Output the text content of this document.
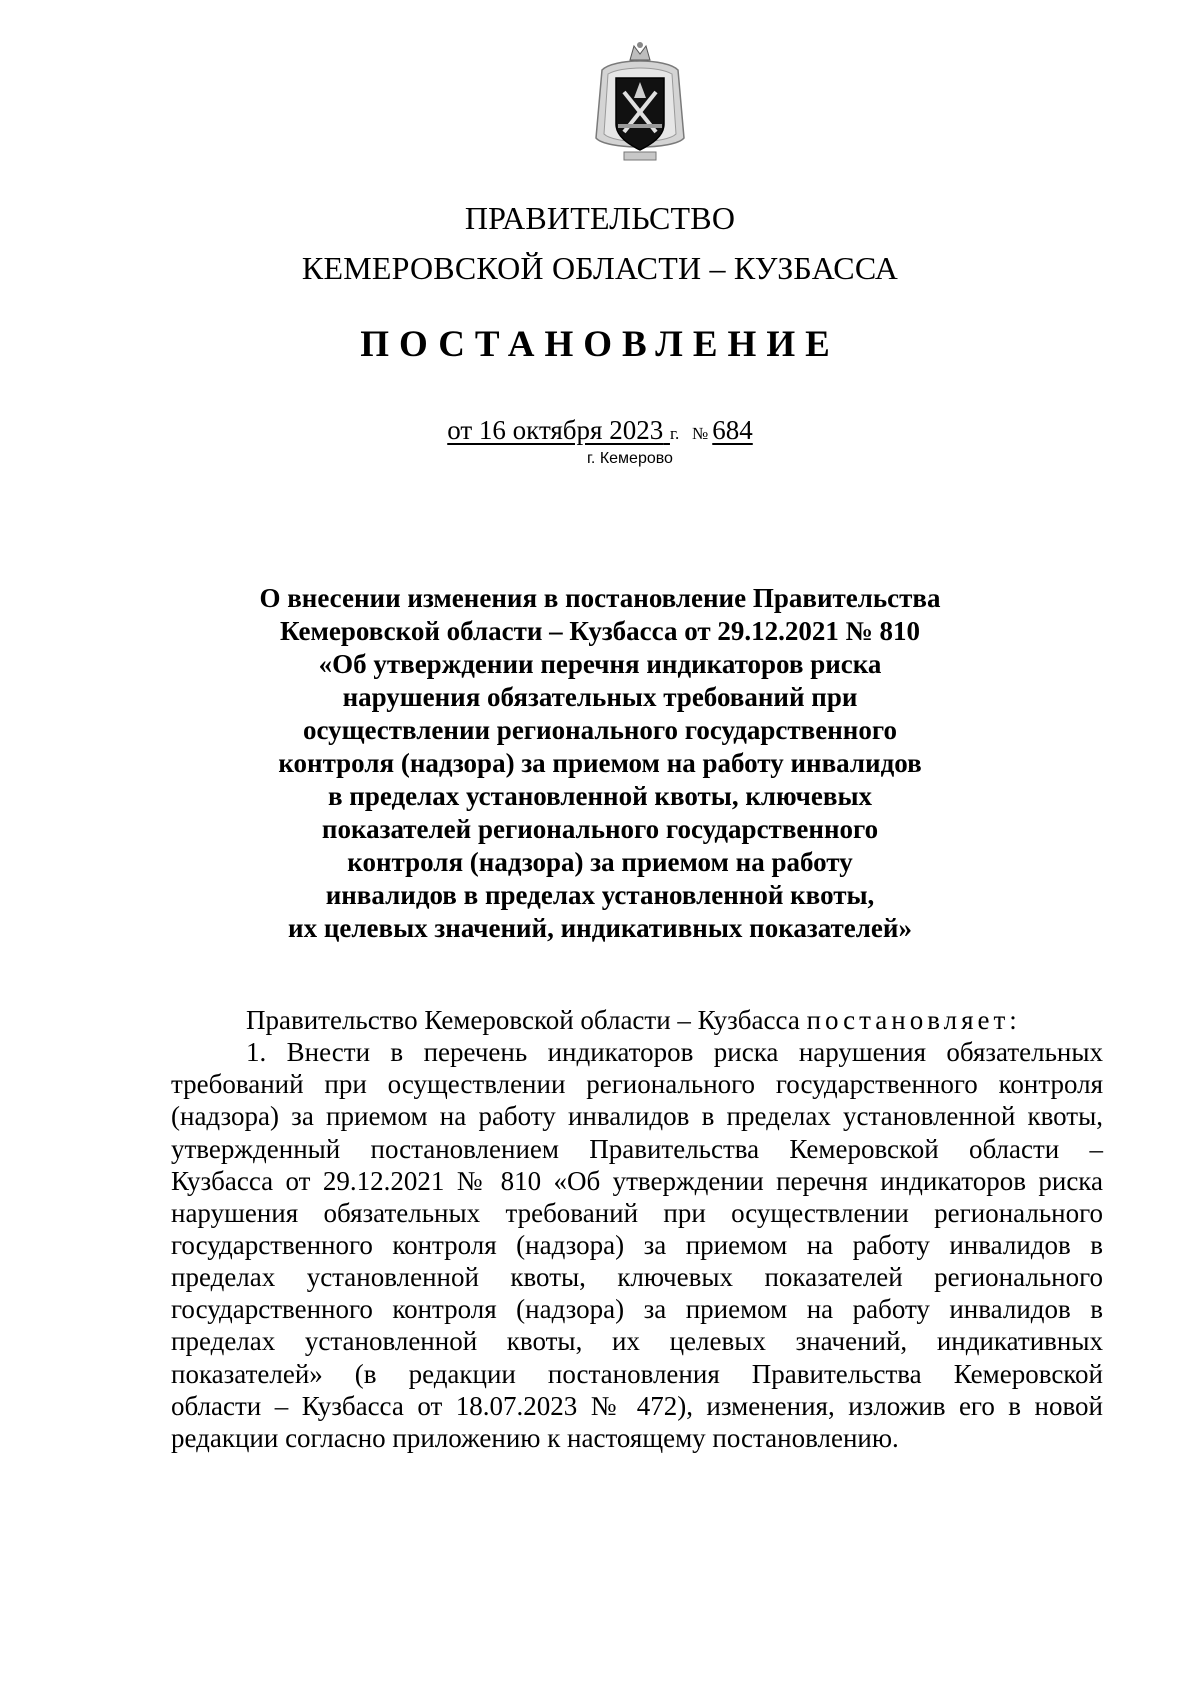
ПРАВИТЕЛЬСТВО
КЕМЕРОВСКОЙ ОБЛАСТИ – КУЗБАССА
ПОСТАНОВЛЕНИЕ
от 16 октября 2023 г. № 684
г. Кемерово
О внесении изменения в постановление Правительства
Кемеровской области – Кузбасса от 29.12.2021 № 810
«Об утверждении перечня индикаторов риска
нарушения обязательных требований при
осуществлении регионального государственного
контроля (надзора) за приемом на работу инвалидов
в пределах установленной квоты, ключевых
показателей регионального государственного
контроля (надзора) за приемом на работу
инвалидов в пределах установленной квоты,
их целевых значений, индикативных показателей»
Правительство Кемеровской области – Кузбасса постановляет:
1. Внести в перечень индикаторов риска нарушения обязательных
требований при осуществлении регионального государственного контроля
(надзора) за приемом на работу инвалидов в пределах установленной квоты,
утвержденный постановлением Правительства Кемеровской области –
Кузбасса от 29.12.2021 № 810 «Об утверждении перечня индикаторов риска
нарушения обязательных требований при осуществлении регионального
государственного контроля (надзора) за приемом на работу инвалидов в
пределах установленной квоты, ключевых показателей регионального
государственного контроля (надзора) за приемом на работу инвалидов в
пределах установленной квоты, их целевых значений, индикативных
показателей» (в редакции постановления Правительства Кемеровской
области – Кузбасса от 18.07.2023 № 472), изменения, изложив его в новой
редакции согласно приложению к настоящему постановлению.
